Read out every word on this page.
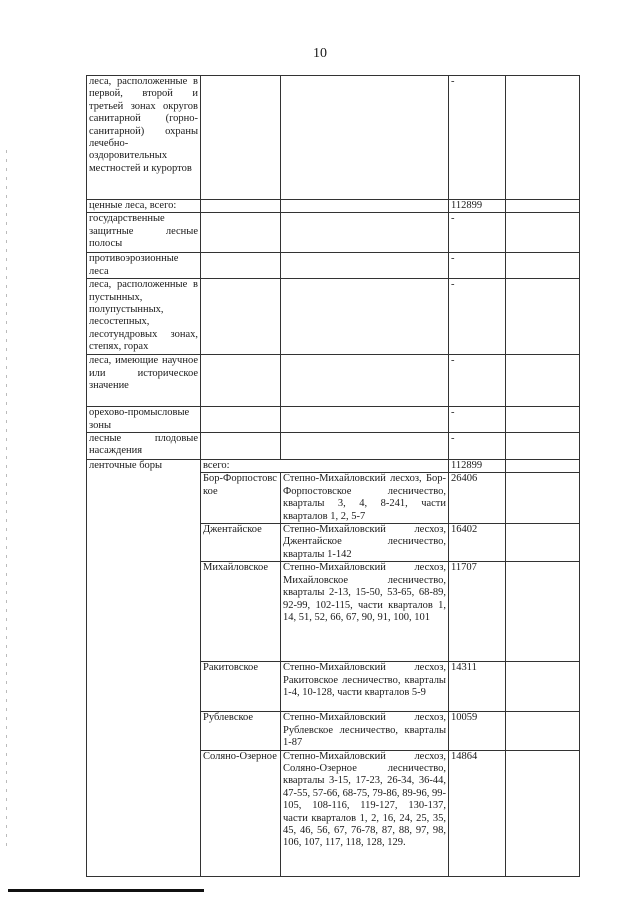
10
леса, расположенные в первой, второй и третьей зонах округов санитарной (горно-санитарной) охраны лечебно-оздоровительных местностей и курортов			-	
ценные леса, всего:			112899	
государственные защитные лесные полосы			-	
противоэрозионные леса			-	
леса, расположенные в пустынных, полупустынных, лесостепных, лесотундровых зонах, степях, горах			-	
леса, имеющие научное или историческое значение			-	
орехово-промысловые зоны			-	
лесные плодовые насаждения			-	
ленточные боры	всего:		112899	
	Бор-Форпостовское	Степно-Михайловский лесхоз, Бор-Форпостовское лесничество, кварталы 3, 4, 8-241, части кварталов 1, 2, 5-7	26406	
	Джентайское	Степно-Михайловский лесхоз, Джентайское лесничество, кварталы 1-142	16402	
	Михайловское	Степно-Михайловский лесхоз, Михайловское лесничество, кварталы 2-13, 15-50, 53-65, 68-89, 92-99, 102-115, части кварталов 1, 14, 51, 52, 66, 67, 90, 91, 100, 101	11707	
	Ракитовское	Степно-Михайловский лесхоз, Ракитовское лесничество, кварталы 1-4, 10-128, части кварталов 5-9	14311	
	Рублевское	Степно-Михайловский лесхоз, Рублевское лесничество, кварталы 1-87	10059	
	Соляно-Озерное	Степно-Михайловский лесхоз, Соляно-Озерное лесничество, кварталы 3-15, 17-23, 26-34, 36-44, 47-55, 57-66, 68-75, 79-86, 89-96, 99-105, 108-116, 119-127, 130-137, части кварталов 1, 2, 16, 24, 25, 35, 45, 46, 56, 67, 76-78, 87, 88, 97, 98, 106, 107, 117, 118, 128, 129.	14864	
